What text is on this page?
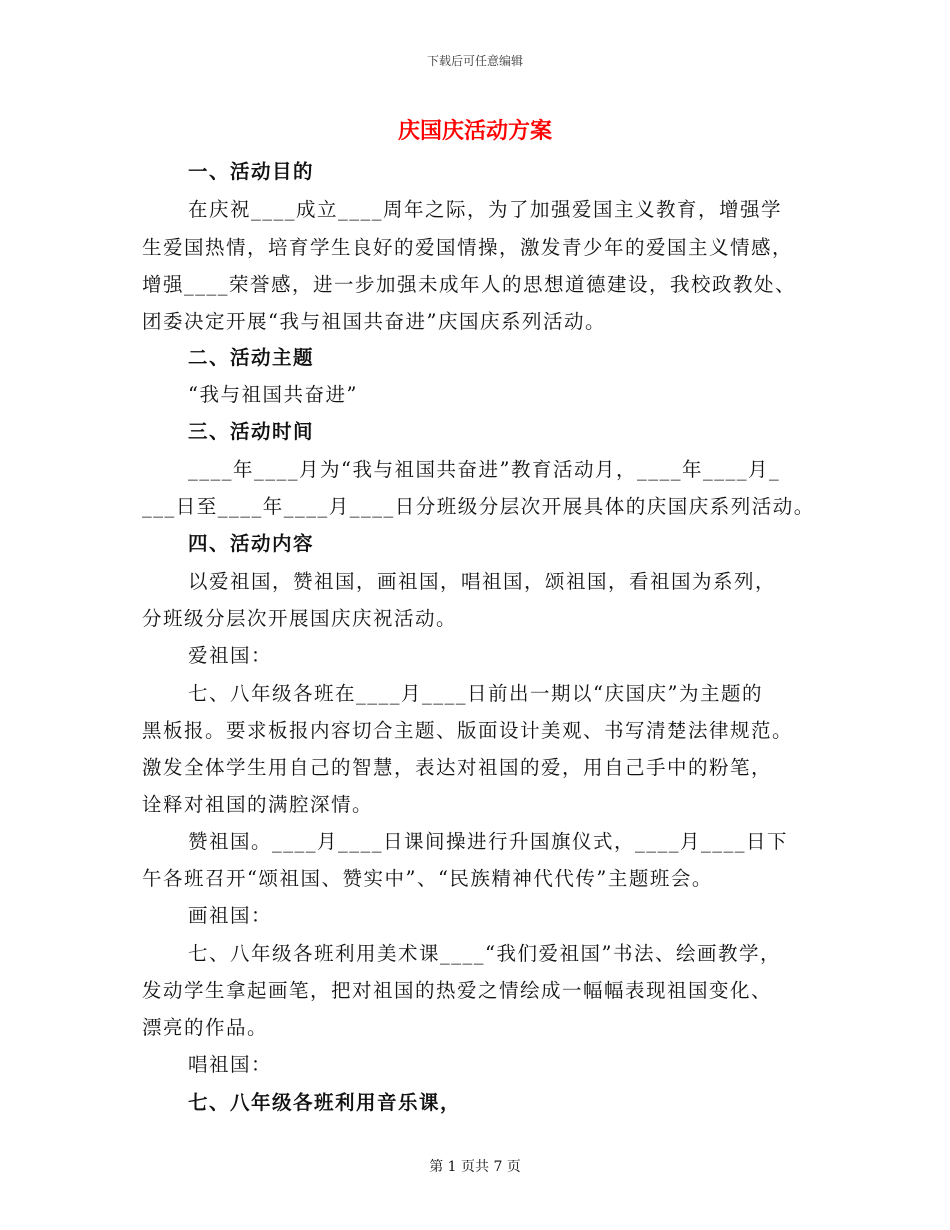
下载后可任意编辑
庆国庆活动方案
一、活动目的
在庆祝____成立____周年之际，为了加强爱国主义教育，增强学
生爱国热情，培育学生良好的爱国情操，激发青少年的爱国主义情感，
增强____荣誉感，进一步加强未成年人的思想道德建设，我校政教处、
团委决定开展“我与祖国共奋进”庆国庆系列活动。
二、活动主题
“我与祖国共奋进”
三、活动时间
____年____月为“我与祖国共奋进”教育活动月，____年____月_
___日至____年____月____日分班级分层次开展具体的庆国庆系列活动。
四、活动内容
以爱祖国，赞祖国，画祖国，唱祖国，颂祖国，看祖国为系列，
分班级分层次开展国庆庆祝活动。
爱祖国：
七、八年级各班在____月____日前出一期以“庆国庆”为主题的
黑板报。要求板报内容切合主题、版面设计美观、书写清楚法律规范。
激发全体学生用自己的智慧，表达对祖国的爱，用自己手中的粉笔，
诠释对祖国的满腔深情。
赞祖国。____月____日课间操进行升国旗仪式，____月____日下
午各班召开“颂祖国、赞实中”、“民族精神代代传”主题班会。
画祖国：
七、八年级各班利用美术课____“我们爱祖国”书法、绘画教学，
发动学生拿起画笔，把对祖国的热爱之情绘成一幅幅表现祖国变化、
漂亮的作品。
唱祖国：
七、八年级各班利用音乐课，
第 1 页共 7 页
